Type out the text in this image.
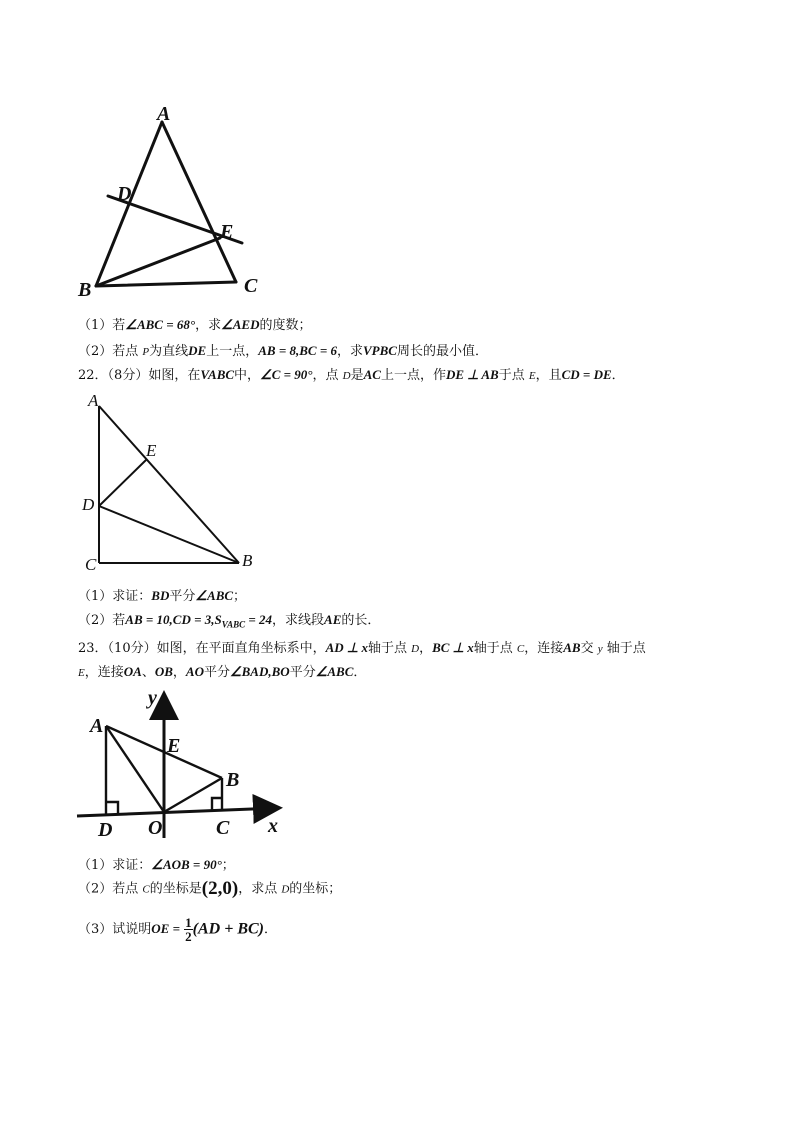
A
B	C
D
E
（1）若∠ABC = 68°，求∠AED的度数；
（2）若点 P为直线DE上一点，AB = 8,BC = 6，求VPBC周长的最小值．
22．（8分）如图，在VABC中，∠C = 90°，点 D是AC上一点，作DE ⊥ AB于点 E，且CD = DE．
A
E
D
C	B
（1）求证：BD平分∠ABC；
（2）若AB = $10,CD = 3,S_{VABC} = 24$，求线段AE的长．
23．（10分）如图，在平面直角坐标系中，AD ⊥ x轴于点 D，BC ⊥ x轴于点 C，连接AB交 y 轴于点
E，连接OA、OB，AO平分∠BAD,BO平分∠ABC．
A
E
B
D O	C x
y
（1）求证：∠AOB = 90°；
（2）若点 C的坐标是(2,0)，求点 D的坐标；
（3）试说明OE = $\frac{1}{2} (AD + BC)$．
